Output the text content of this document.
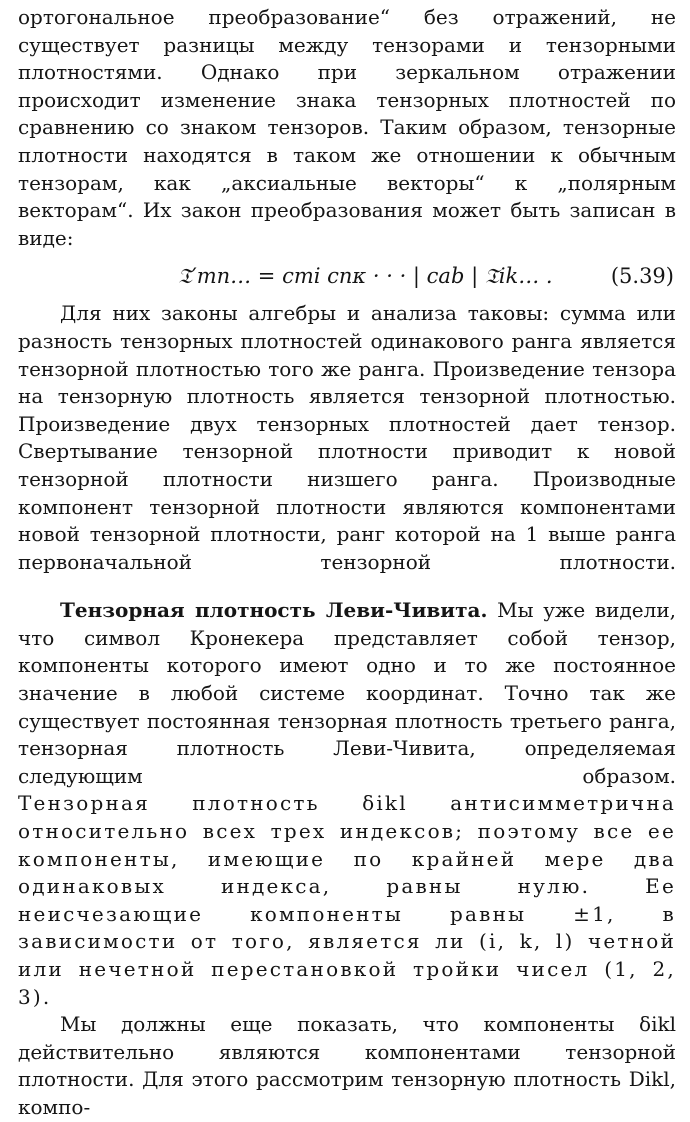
ортогональное преобразование“ без отражений, не существует разницы между тензорами и тензорными плотностями. Однако при зеркальном отражении происходит изменение знака тензорных плотностей по сравнению со знаком тензоров. Таким образом, тензорные плотности находятся в таком же отношении к обычным тензорам, как „аксиальные векторы“ к „полярным векторам“. Их закон преобразования может быть записан в виде:

𝔗′mn… = cmi cnκ · · · | cab | 𝔗ik… .	(5.39)

Для них законы алгебры и анализа таковы: сумма или разность тензорных плотностей одинакового ранга является тензорной плотностью того же ранга. Произведение тензора на тензорную плотность является тензорной плотностью. Произведение двух тензорных плотностей дает тензор. Свертывание тензорной плотности приводит к новой тензорной плотности низшего ранга. Производные компонент тензорной плотности являются компонентами новой тензорной плотности, ранг которой на 1 выше ранга первоначальной тензорной плотности.

Тензорная плотность Леви-Чивита. Мы уже видели, что символ Кронекера представляет собой тензор, компоненты которого имеют одно и то же постоянное значение в любой системе координат. Точно так же существует постоянная тензорная плотность третьего ранга, тензорная плотность Леви-Чивита, определяемая следующим образом.

Тензорная плотность δikl антисимметрична относительно всех трех индексов; поэтому все ее компоненты, имеющие по крайней мере два одинаковых индекса, равны нулю. Ее неисчезающие компоненты равны ±1, в зависимости от того, является ли (i, k, l) четной или нечетной перестановкой тройки чисел (1, 2, 3).

Мы должны еще показать, что компоненты δikl действительно являются компонентами тензорной плотности. Для этого рассмотрим тензорную плотность Dikl, компо-
